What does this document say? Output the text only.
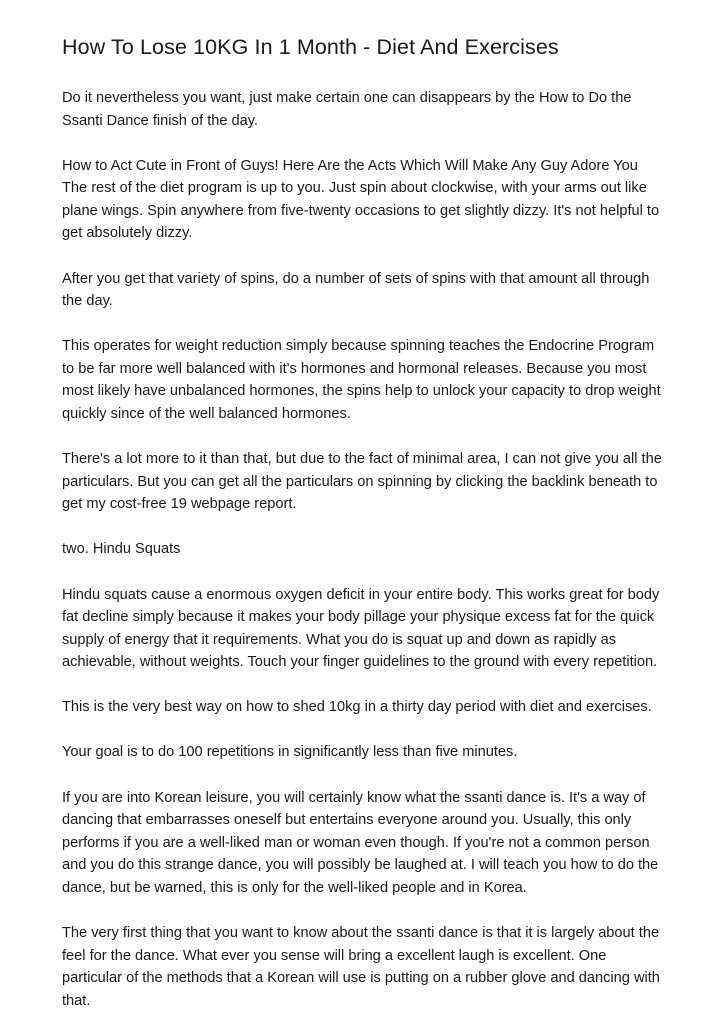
How To Lose 10KG In 1 Month - Diet And Exercises

Do it nevertheless you want, just make certain one can disappears by the How to Do the
Ssanti Dance finish of the day.

How to Act Cute in Front of Guys! Here Are the Acts Which Will Make Any Guy Adore You
The rest of the diet program is up to you. Just spin about clockwise, with your arms out like
plane wings. Spin anywhere from five-twenty occasions to get slightly dizzy. It's not helpful to
get absolutely dizzy.

After you get that variety of spins, do a number of sets of spins with that amount all through
the day.

This operates for weight reduction simply because spinning teaches the Endocrine Program
to be far more well balanced with it's hormones and hormonal releases. Because you most
most likely have unbalanced hormones, the spins help to unlock your capacity to drop weight
quickly since of the well balanced hormones.

There's a lot more to it than that, but due to the fact of minimal area, I can not give you all the
particulars. But you can get all the particulars on spinning by clicking the backlink beneath to
get my cost-free 19 webpage report.

two. Hindu Squats

Hindu squats cause a enormous oxygen deficit in your entire body. This works great for body
fat decline simply because it makes your body pillage your physique excess fat for the quick
supply of energy that it requirements. What you do is squat up and down as rapidly as
achievable, without weights. Touch your finger guidelines to the ground with every repetition.

This is the very best way on how to shed 10kg in a thirty day period with diet and exercises.

Your goal is to do 100 repetitions in significantly less than five minutes.

If you are into Korean leisure, you will certainly know what the ssanti dance is. It's a way of
dancing that embarrasses oneself but entertains everyone around you. Usually, this only
performs if you are a well-liked man or woman even though. If you're not a common person
and you do this strange dance, you will possibly be laughed at. I will teach you how to do the
dance, but be warned, this is only for the well-liked people and in Korea.

The very first thing that you want to know about the ssanti dance is that it is largely about the
feel for the dance. What ever you sense will bring a excellent laugh is excellent. One
particular of the methods that a Korean will use is putting on a rubber glove and dancing with
that.
